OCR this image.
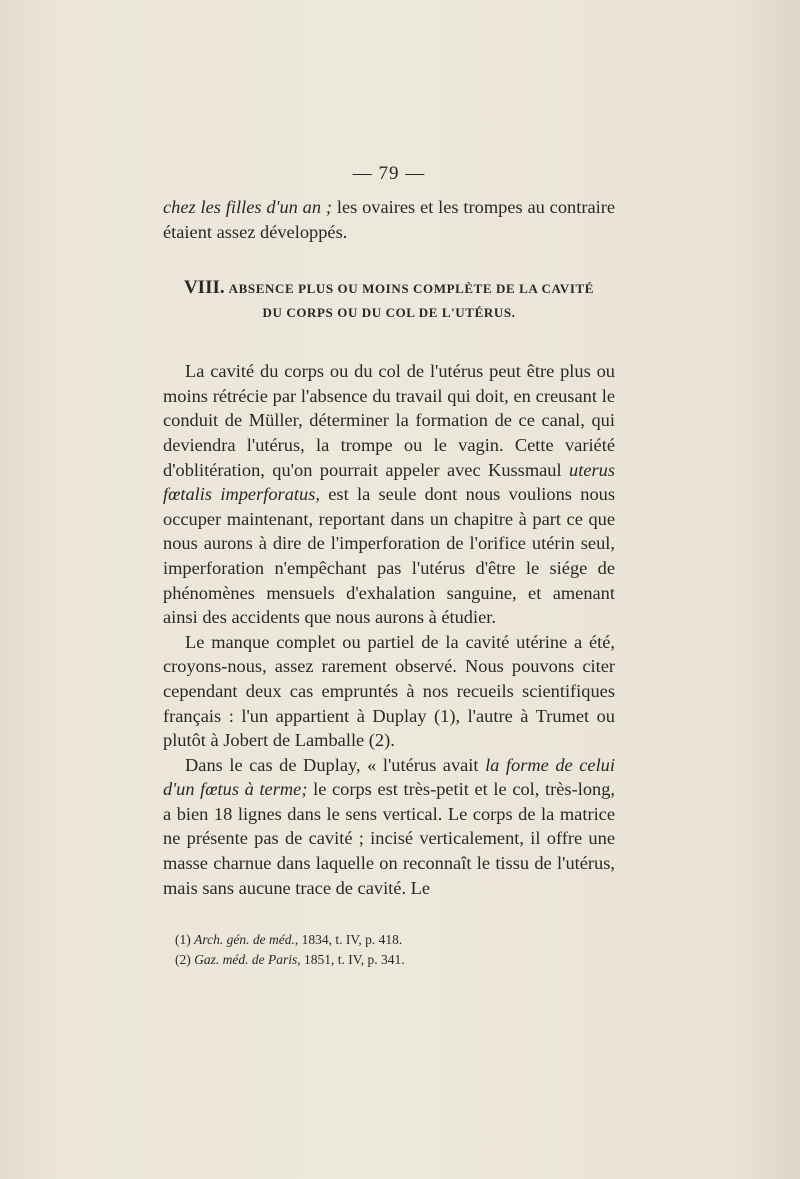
— 79 —

chez les filles d'un an ; les ovaires et les trompes au contraire étaient assez développés.

VIII. ABSENCE PLUS OU MOINS COMPLÈTE DE LA CAVITÉ
DU CORPS OU DU COL DE L'UTÉRUS.

La cavité du corps ou du col de l'utérus peut être plus ou moins rétrécie par l'absence du travail qui doit, en creusant le conduit de Müller, déterminer la formation de ce canal, qui deviendra l'utérus, la trompe ou le vagin. Cette variété d'oblitération, qu'on pourrait appeler avec Kussmaul uterus fœtalis imperforatus, est la seule dont nous voulions nous occuper maintenant, reportant dans un chapitre à part ce que nous aurons à dire de l'imperforation de l'orifice utérin seul, imperforation n'empêchant pas l'utérus d'être le siége de phénomènes mensuels d'exhalation sanguine, et amenant ainsi des accidents que nous aurons à étudier.

Le manque complet ou partiel de la cavité utérine a été, croyons-nous, assez rarement observé. Nous pouvons citer cependant deux cas empruntés à nos recueils scientifiques français : l'un appartient à Duplay (1), l'autre à Trumet ou plutôt à Jobert de Lamballe (2).

Dans le cas de Duplay, « l'utérus avait la forme de celui d'un fœtus à terme; le corps est très-petit et le col, très-long, a bien 18 lignes dans le sens vertical. Le corps de la matrice ne présente pas de cavité ; incisé verticalement, il offre une masse charnue dans laquelle on reconnaît le tissu de l'utérus, mais sans aucune trace de cavité. Le

(1) Arch. gén. de méd., 1834, t. IV, p. 418.
(2) Gaz. méd. de Paris, 1851, t. IV, p. 341.
